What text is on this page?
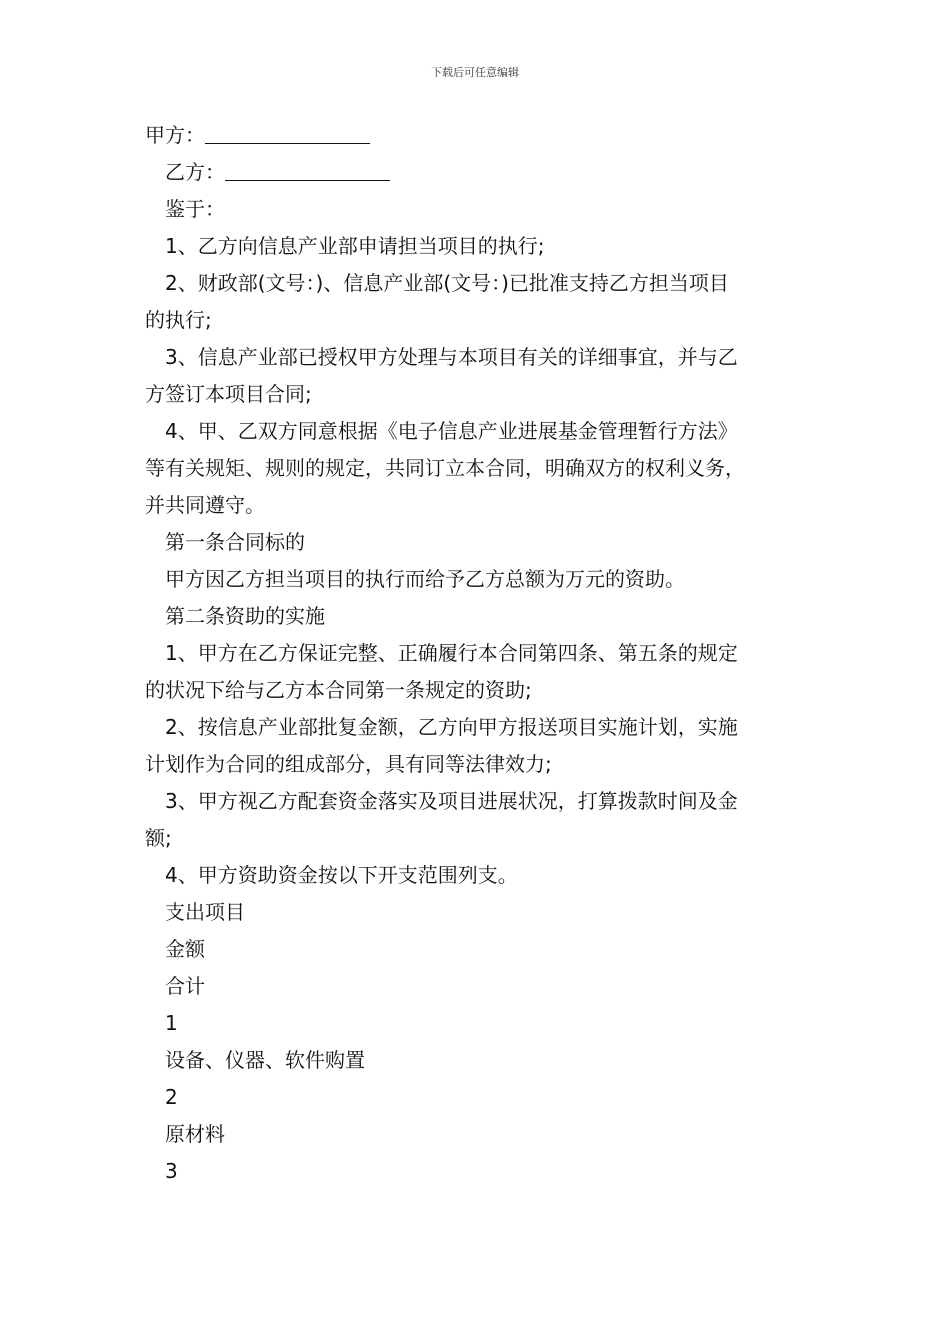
下载后可任意编辑

甲方：

乙方：

鉴于：

1、乙方向信息产业部申请担当项目的执行;

2、财政部(文号：)、信息产业部(文号：)已批准支持乙方担当项目

的执行;

3、信息产业部已授权甲方处理与本项目有关的详细事宜，并与乙

方签订本项目合同;

4、甲、乙双方同意根据《电子信息产业进展基金管理暂行方法》

等有关规矩、规则的规定，共同订立本合同，明确双方的权利义务，

并共同遵守。

第一条合同标的

甲方因乙方担当项目的执行而给予乙方总额为万元的资助。

第二条资助的实施

1、甲方在乙方保证完整、正确履行本合同第四条、第五条的规定

的状况下给与乙方本合同第一条规定的资助;

2、按信息产业部批复金额，乙方向甲方报送项目实施计划，实施

计划作为合同的组成部分，具有同等法律效力;

3、甲方视乙方配套资金落实及项目进展状况，打算拨款时间及金

额;

4、甲方资助资金按以下开支范围列支。

支出项目

金额

合计

1

设备、仪器、软件购置

2

原材料

3
